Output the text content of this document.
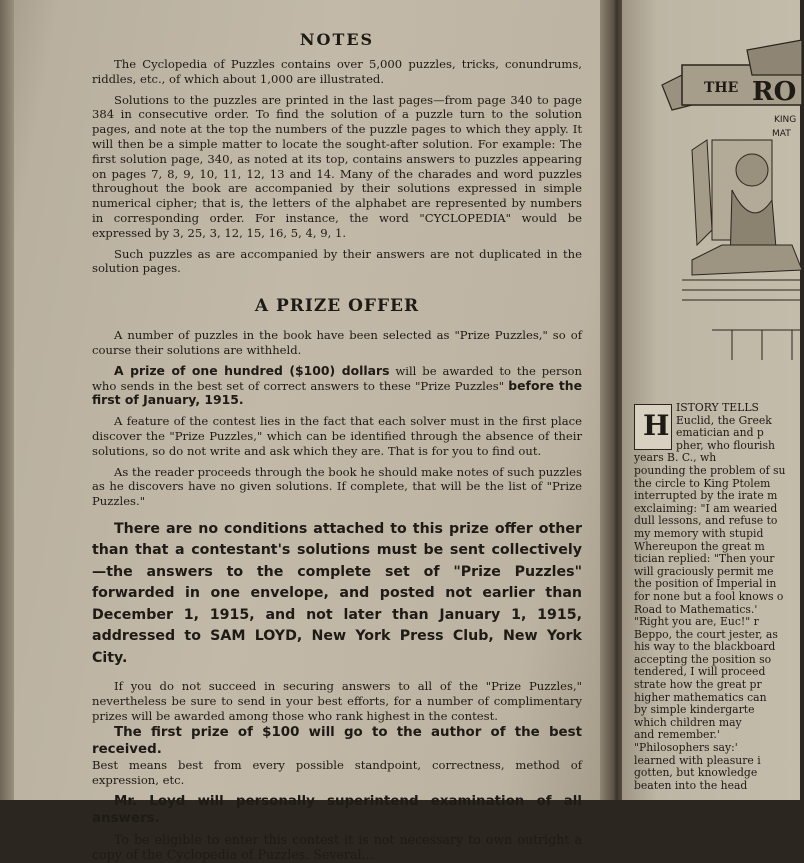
NOTES

The Cyclopedia of Puzzles contains over 5,000 puzzles, tricks, conundrums, riddles, etc., of which about 1,000 are illustrated.

Solutions to the puzzles are printed in the last pages—from page 340 to page 384 in consecutive order. To find the solution of a puzzle turn to the solution pages, and note at the top the numbers of the puzzle pages to which they apply. It will then be a simple matter to locate the sought-after solution. For example: The first solution page, 340, as noted at its top, contains answers to puzzles appearing on pages 7, 8, 9, 10, 11, 12, 13 and 14. Many of the charades and word puzzles throughout the book are accompanied by their solutions expressed in simple numerical cipher; that is, the letters of the alphabet are represented by numbers in corresponding order. For instance, the word "CYCLOPEDIA" would be expressed by 3, 25, 3, 12, 15, 16, 5, 4, 9, 1.

Such puzzles as are accompanied by their answers are not duplicated in the solution pages.

A PRIZE OFFER

A number of puzzles in the book have been selected as "Prize Puzzles," so of course their solutions are withheld.

A prize of one hundred ($100) dollars will be awarded to the person who sends in the best set of correct answers to these "Prize Puzzles" before the first of January, 1915.

A feature of the contest lies in the fact that each solver must in the first place discover the "Prize Puzzles," which can be identified through the absence of their solutions, so do not write and ask which they are. That is for you to find out.

As the reader proceeds through the book he should make notes of such puzzles as he discovers have no given solutions. If complete, that will be the list of "Prize Puzzles."

There are no conditions attached to this prize offer other than that a contestant's solutions must be sent collectively—the answers to the complete set of "Prize Puzzles" forwarded in one envelope, and posted not earlier than December 1, 1915, and not later than January 1, 1915, addressed to SAM LOYD, New York Press Club, New York City.

If you do not succeed in securing answers to all of the "Prize Puzzles," nevertheless be sure to send in your best efforts, for a number of complimentary prizes will be awarded among those who rank highest in the contest.

The first prize of $100 will go to the author of the best received.

Best means best from every possible standpoint, correctness, method of expression, etc.

Mr. Loyd will personally superintend examination of all answers.

To be eligible to enter this contest it is not necessary to own outright a copy of the Cyclopedia of Puzzles. Several...

THE RO
KING
MAT
H

ISTORY TELLS

Euclid, the Greek

ematician and p

pher, who flourish

years B. C., wh

pounding the problem of su

the circle to King Ptolem

interrupted by the irate m

exclaiming: "I am wearied

dull lessons, and refuse to

my memory with stupid

Whereupon the great m

tician replied: "Then your

will graciously permit me

the position of Imperial in

for none but a fool knows o

Road to Mathematics.'

"Right you are, Euc!" r

Beppo, the court jester, as

his way to the blackboard

accepting the position so

tendered, I will proceed

strate how the great pr

higher mathematics can

by simple kindergarte

which children may

and remember.'

"Philosophers say:'

learned with pleasure i

gotten, but knowledge

beaten into the head
